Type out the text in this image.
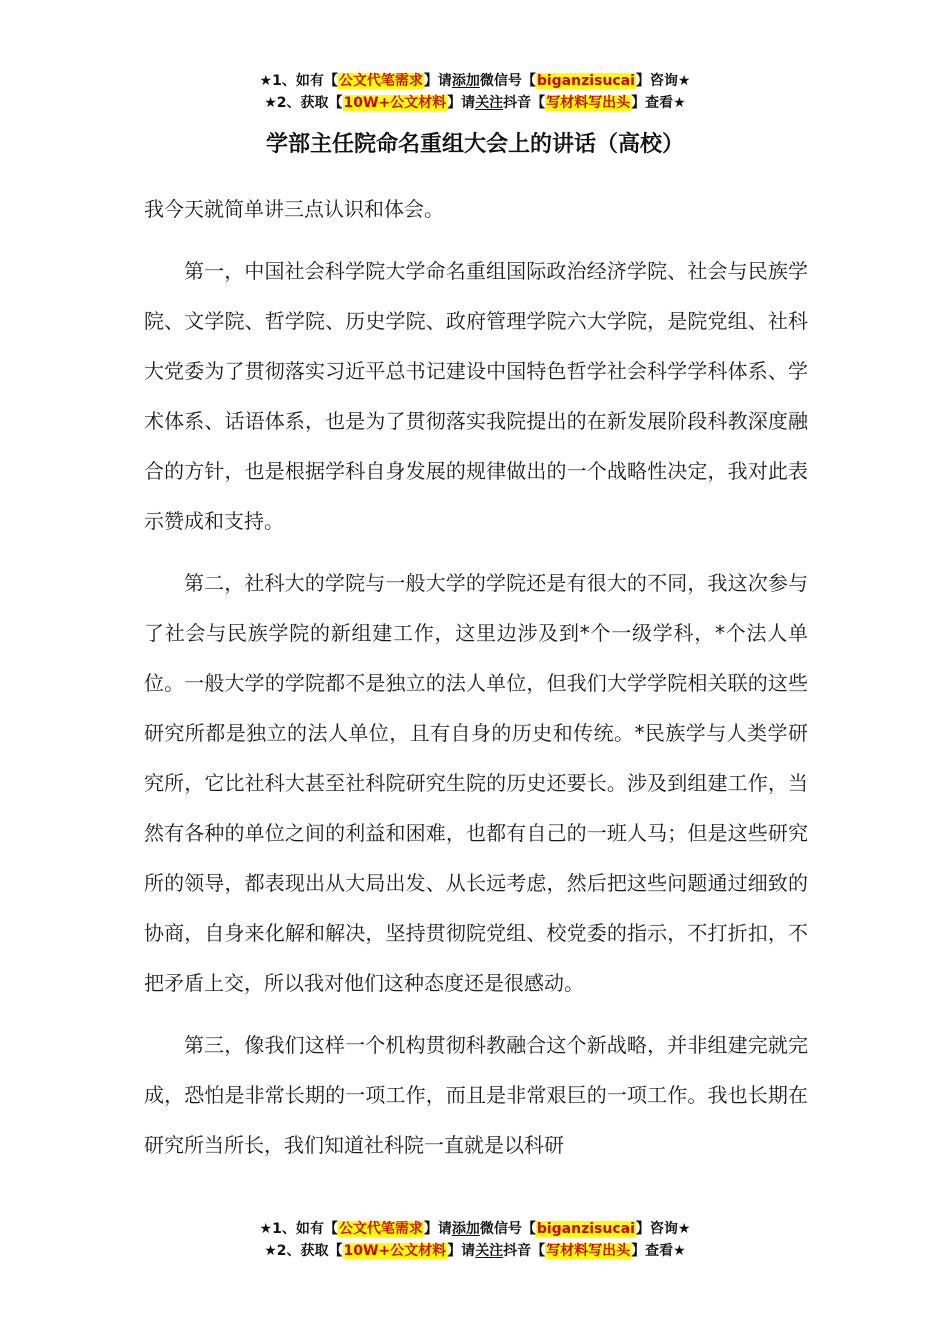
★1、如有【公文代笔需求】请添加微信号【biganzisucai】咨询★
★2、获取【10W+公文材料】请关注抖音【写材料写出头】查看★
学部主任院命名重组大会上的讲话（高校）

我今天就简单讲三点认识和体会。

第一，中国社会科学院大学命名重组国际政治经济学院、社会与民族学院、文学院、哲学院、历史学院、政府管理学院六大学院，是院党组、社科大党委为了贯彻落实习近平总书记建设中国特色哲学社会科学学科体系、学术体系、话语体系，也是为了贯彻落实我院提出的在新发展阶段科教深度融合的方针，也是根据学科自身发展的规律做出的一个战略性决定，我对此表示赞成和支持。

第二，社科大的学院与一般大学的学院还是有很大的不同，我这次参与了社会与民族学院的新组建工作，这里边涉及到*个一级学科，*个法人单位。一般大学的学院都不是独立的法人单位，但我们大学学院相关联的这些研究所都是独立的法人单位，且有自身的历史和传统。*民族学与人类学研究所，它比社科大甚至社科院研究生院的历史还要长。涉及到组建工作，当然有各种的单位之间的利益和困难，也都有自己的一班人马；但是这些研究所的领导，都表现出从大局出发、从长远考虑，然后把这些问题通过细致的协商，自身来化解和解决，坚持贯彻院党组、校党委的指示，不打折扣，不把矛盾上交，所以我对他们这种态度还是很感动。

第三，像我们这样一个机构贯彻科教融合这个新战略，并非组建完就完成，恐怕是非常长期的一项工作，而且是非常艰巨的一项工作。我也长期在研究所当所长，我们知道社科院一直就是以科研

★1、如有【公文代笔需求】请添加微信号【biganzisucai】咨询★
★2、获取【10W+公文材料】请关注抖音【写材料写出头】查看★
